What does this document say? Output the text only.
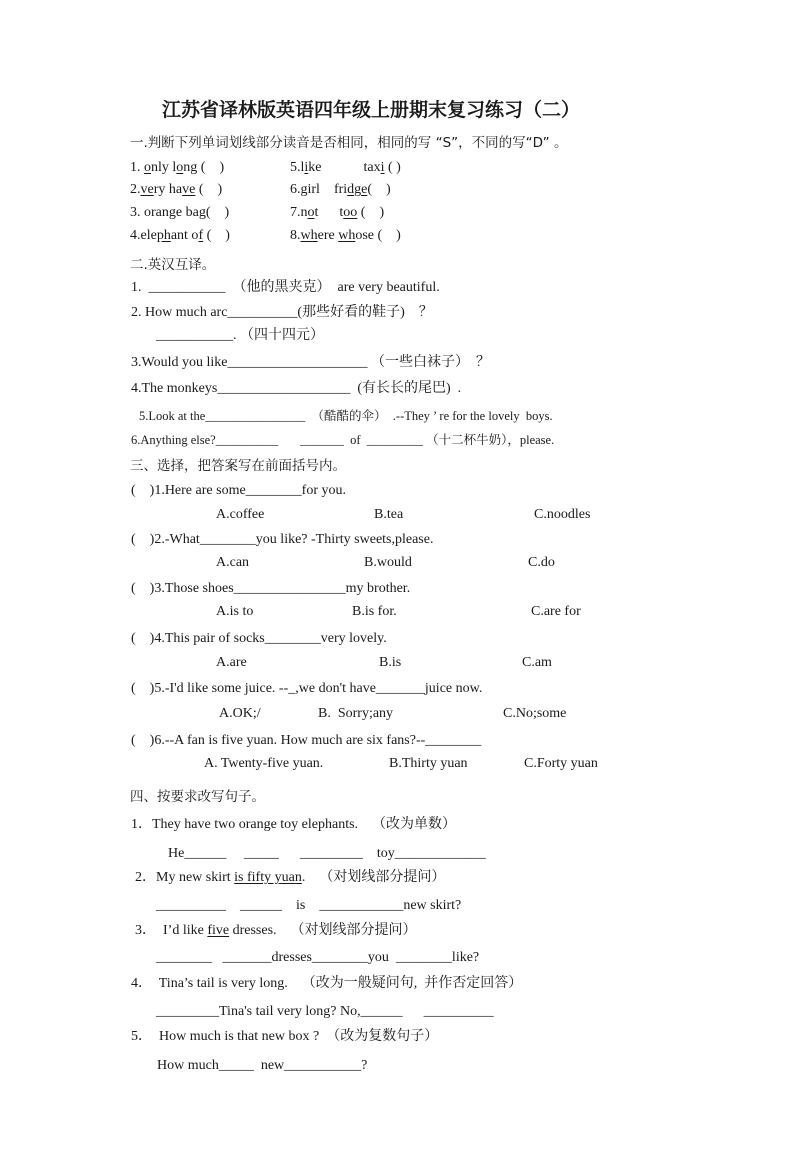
江苏省译林版英语四年级上册期末复习练习（二）
一.判断下列单词划线部分读音是否相同，相同的写 “S”，不同的写“D” 。
1. only long (    )	5.like            taxi ( )
2.very have (    )	6.girl    fridge(    )
3. orange bag(    )	7.not      too (    )
4.elephant of (    )	8.where whose (    )
二.英汉互译。
1.  ___________  （他的黑夹克）  are very beautiful.
2. How much arc__________(那些好看的鞋子)    ？
___________. （四十四元）
3.Would you like____________________ （一些白袜子）  ？
4.The monkeys___________________  (有长长的尾巴)  .
5.Look at the________________  （酷酷的伞）  .--They ’ re for the lovely  boys.
6.Anything else?__________       _______  of  _________ （十二杯牛奶），please.
三、选择，把答案写在前面括号内。
(    )1.Here are some________for you.
A.coffee	B.tea	C.noodles
(    )2.-What________you like? -Thirty sweets,please.
A.can	B.would	C.do
(    )3.Those shoes________________my brother.
A.is to	B.is for.	C.are for
(    )4.This pair of socks________very lovely.
A.are	B.is	C.am
(    )5.-I'd like some juice. --_,we don't have_______juice now.
A.OK;/	B.  Sorry;any	C.No;some
(    )6.--A fan is five yuan. How much are six fans?--________
A. Twenty-five yuan.	B.Thirty yuan	C.Forty yuan
四、按要求改写句子。
1．They have two orange toy elephants.    （改为单数）
He______     _____      _________    toy_____________
2．My new skirt is fifty yuan.    （对划线部分提问）
__________    ______    is    ____________new skirt?
3．  I’d like five dresses.    （对划线部分提问）
________   _______dresses________you  ________like?
4．  Tina’s tail is very long.    （改为一般疑问句,  并作否定回答）
_________Tina's tail very long? No,______      __________
5．  How much is that new box ?  （改为复数句子）
How much_____  new___________?
